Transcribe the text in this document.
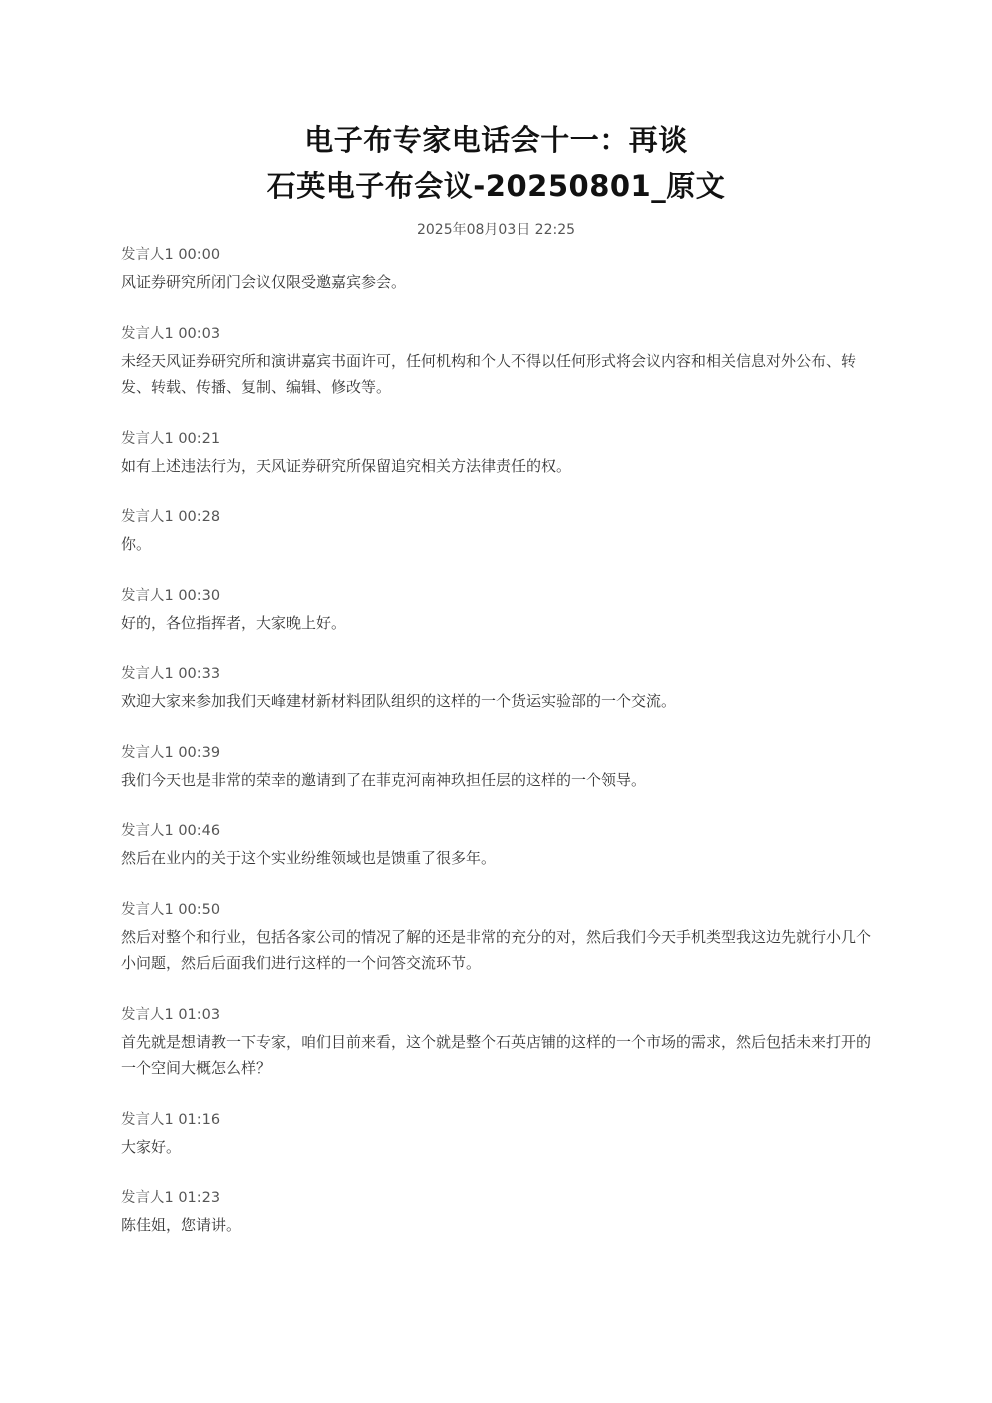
电子布专家电话会十一：再谈
石英电子布会议-20250801_原文
2025年08月03日 22:25
发言人1 00:00
风证券研究所闭门会议仅限受邀嘉宾参会。
发言人1 00:03
未经天风证券研究所和演讲嘉宾书面许可，任何机构和个人不得以任何形式将会议内容和相关信息对外公布、转发、转载、传播、复制、编辑、修改等。
发言人1 00:21
如有上述违法行为，天风证券研究所保留追究相关方法律责任的权。
发言人1 00:28
你。
发言人1 00:30
好的，各位指挥者，大家晚上好。
发言人1 00:33
欢迎大家来参加我们天峰建材新材料团队组织的这样的一个货运实验部的一个交流。
发言人1 00:39
我们今天也是非常的荣幸的邀请到了在菲克河南神玖担任层的这样的一个领导。
发言人1 00:46
然后在业内的关于这个实业纷维领域也是馈重了很多年。
发言人1 00:50
然后对整个和行业，包括各家公司的情况了解的还是非常的充分的对，然后我们今天手机类型我这边先就行小几个小问题，然后后面我们进行这样的一个问答交流环节。
发言人1 01:03
首先就是想请教一下专家，咱们目前来看，这个就是整个石英店铺的这样的一个市场的需求，然后包括未来打开的一个空间大概怎么样？
发言人1 01:16
大家好。
发言人1 01:23
陈佳姐，您请讲。
